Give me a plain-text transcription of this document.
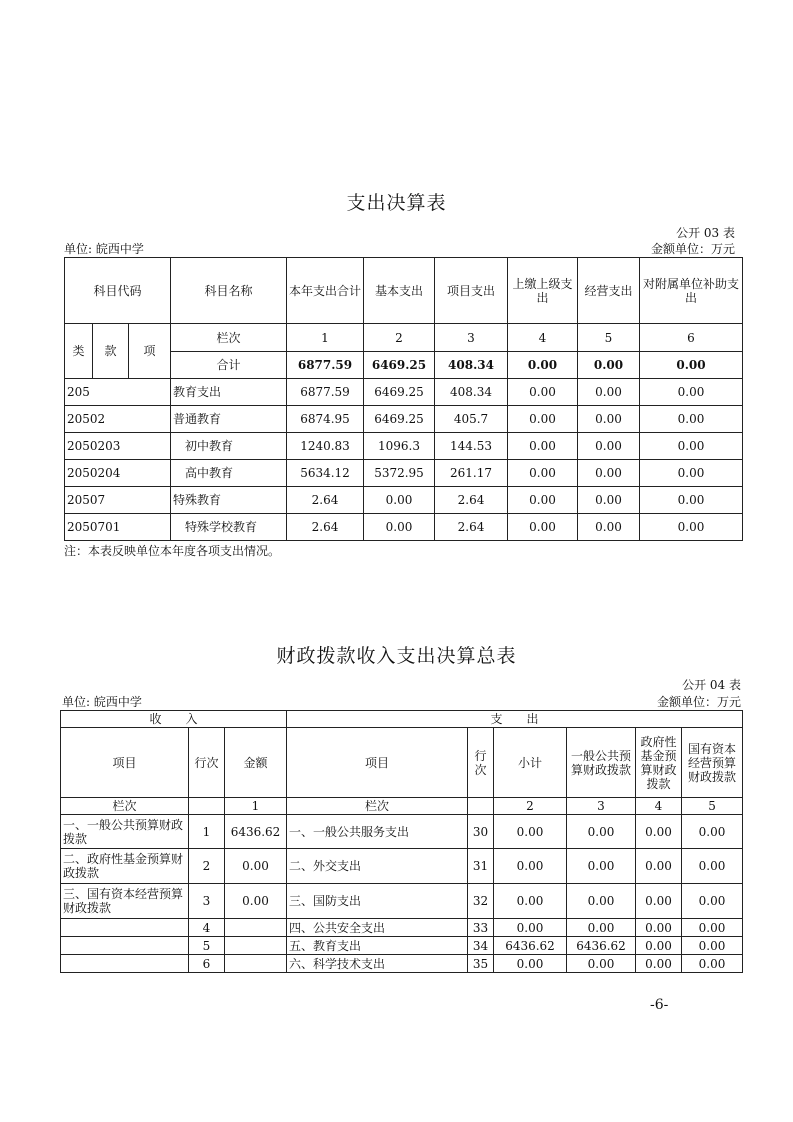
支出决算表
公开 03 表
单位: 皖西中学	金额单位：万元
科目代码			科目名称	本年支出合计	基本支出	项目支出	上缴上级支出	经营支出	对附属单位补助支出
类	款	项	栏次	1	2	3	4	5	6
			合计	6877.59	6469.25	408.34	0.00	0.00	0.00
205			教育支出	6877.59	6469.25	408.34	0.00	0.00	0.00
20502			普通教育	6874.95	6469.25	405.7	0.00	0.00	0.00
2050203			初中教育	1240.83	1096.3	144.53	0.00	0.00	0.00
2050204			高中教育	5634.12	5372.95	261.17	0.00	0.00	0.00
20507			特殊教育	2.64	0.00	2.64	0.00	0.00	0.00
2050701			特殊学校教育	2.64	0.00	2.64	0.00	0.00	0.00
注：本表反映单位本年度各项支出情况。
财政拨款收入支出决算总表
公开 04 表
单位: 皖西中学	金额单位：万元
收　　入			支　　出					
项目	行次	金额	项目	行次	小计	一般公共预算财政拨款	政府性基金预算财政拨款	国有资本经营预算财政拨款
栏次		1	栏次		2	3	4	5
一、一般公共预算财政拨款	1	6436.62	一、一般公共服务支出	30	0.00	0.00	0.00	0.00
二、政府性基金预算财政拨款	2	0.00	二、外交支出	31	0.00	0.00	0.00	0.00
三、国有资本经营预算财政拨款	3	0.00	三、国防支出	32	0.00	0.00	0.00	0.00
	4		四、公共安全支出	33	0.00	0.00	0.00	0.00
	5		五、教育支出	34	6436.62	6436.62	0.00	0.00
	6		六、科学技术支出	35	0.00	0.00	0.00	0.00
-6-
